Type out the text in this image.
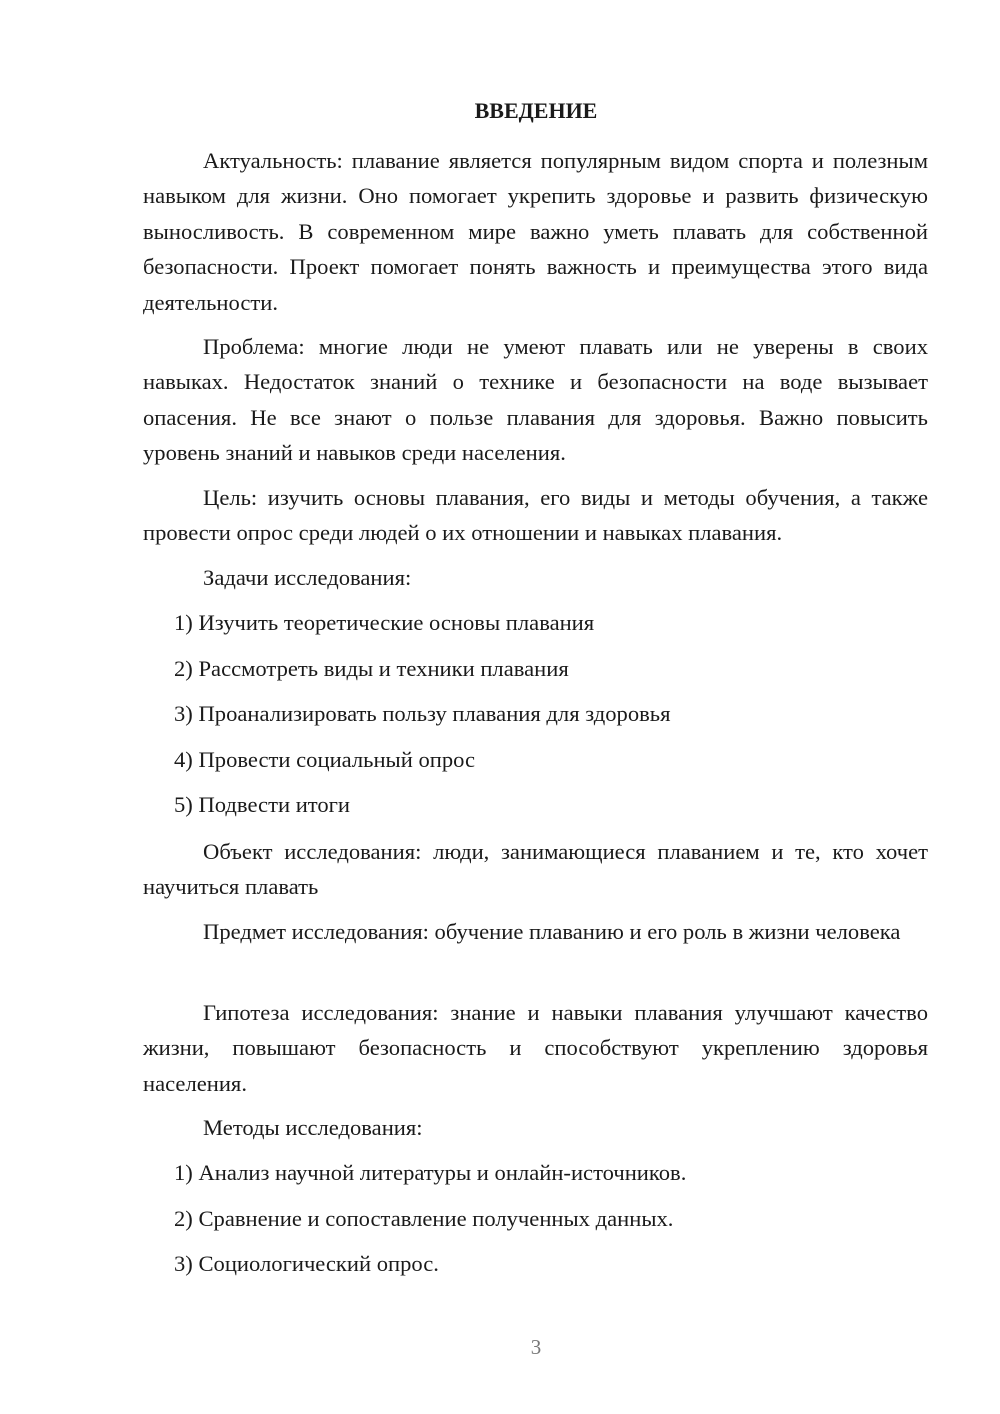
ВВЕДЕНИЕ

Актуальность: плавание является популярным видом спорта и полезным навыком для жизни. Оно помогает укрепить здоровье и развить физическую выносливость. В современном мире важно уметь плавать для собственной безопасности. Проект помогает понять важность и преимущества этого вида деятельности.

Проблема: многие люди не умеют плавать или не уверены в своих навыках. Недостаток знаний о технике и безопасности на воде вызывает опасения. Не все знают о пользе плавания для здоровья. Важно повысить уровень знаний и навыков среди населения.

Цель: изучить основы плавания, его виды и методы обучения, а также провести опрос среди людей о их отношении и навыках плавания.

Задачи исследования:

1) Изучить теоретические основы плавания

2) Рассмотреть виды и техники плавания

3) Проанализировать пользу плавания для здоровья

4) Провести социальный опрос

5) Подвести итоги

Объект исследования: люди, занимающиеся плаванием и те, кто хочет научиться плавать

Предмет исследования: обучение плаванию и его роль в жизни человека

Гипотеза исследования: знание и навыки плавания улучшают качество жизни, повышают безопасность и способствуют укреплению здоровья населения.

Методы исследования:

1) Анализ научной литературы и онлайн-источников.

2) Сравнение и сопоставление полученных данных.

3) Социологический опрос.

3
